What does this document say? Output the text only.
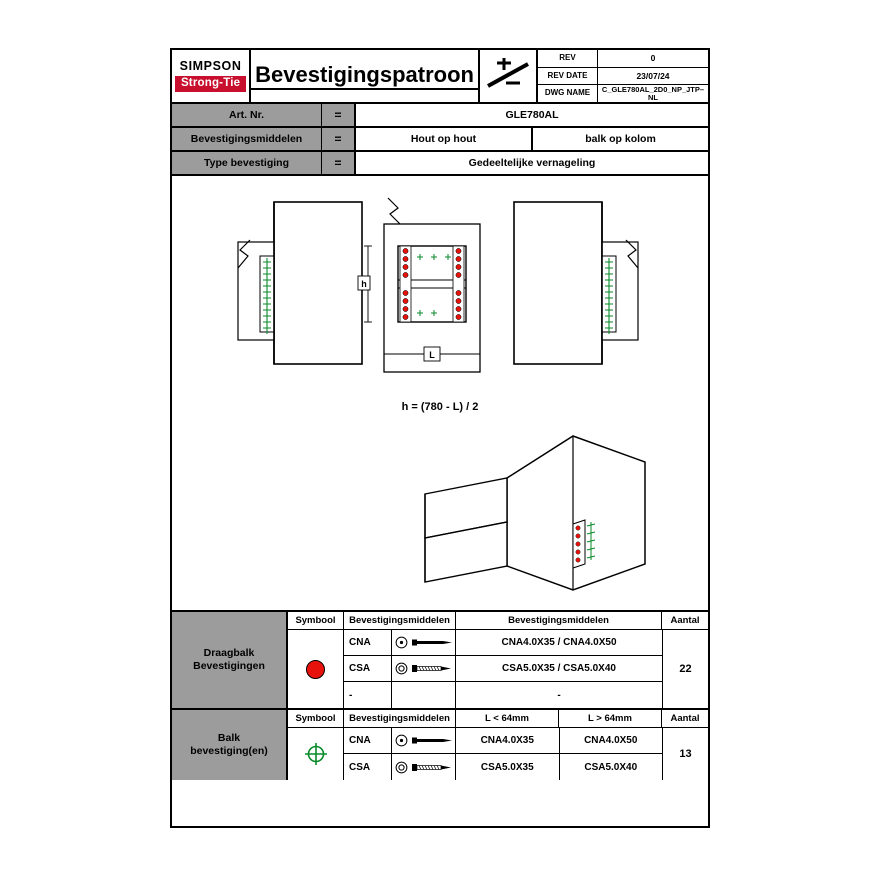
SIMPSON
Strong-Tie Bevestigingspatroon
REV	0
REV DATE	23/07/24
DWG NAME	C_GLE780AL_2D0_NP_JTP–NL
Art. Nr.	=	GLE780AL
Bevestigingsmiddelen	=	Hout op hout	balk op kolom
Type bevestiging	=	Gedeeltelijke vernageling
h
L
h = (780 - L) / 2
Draagbalk
Bevestigingen
Symbool	Bevestigingsmiddelen	Bevestigingsmiddelen	Aantal
CNA	CNA4.0X35 / CNA4.0X50
CSA	CSA5.0X35 / CSA5.0X40
-	-
22
Balk
bevestiging(en)
Symbool	Bevestigingsmiddelen	L < 64mm	L > 64mm	Aantal
CNA	CNA4.0X35	CNA4.0X50
CSA	CSA5.0X35	CSA5.0X40
13
